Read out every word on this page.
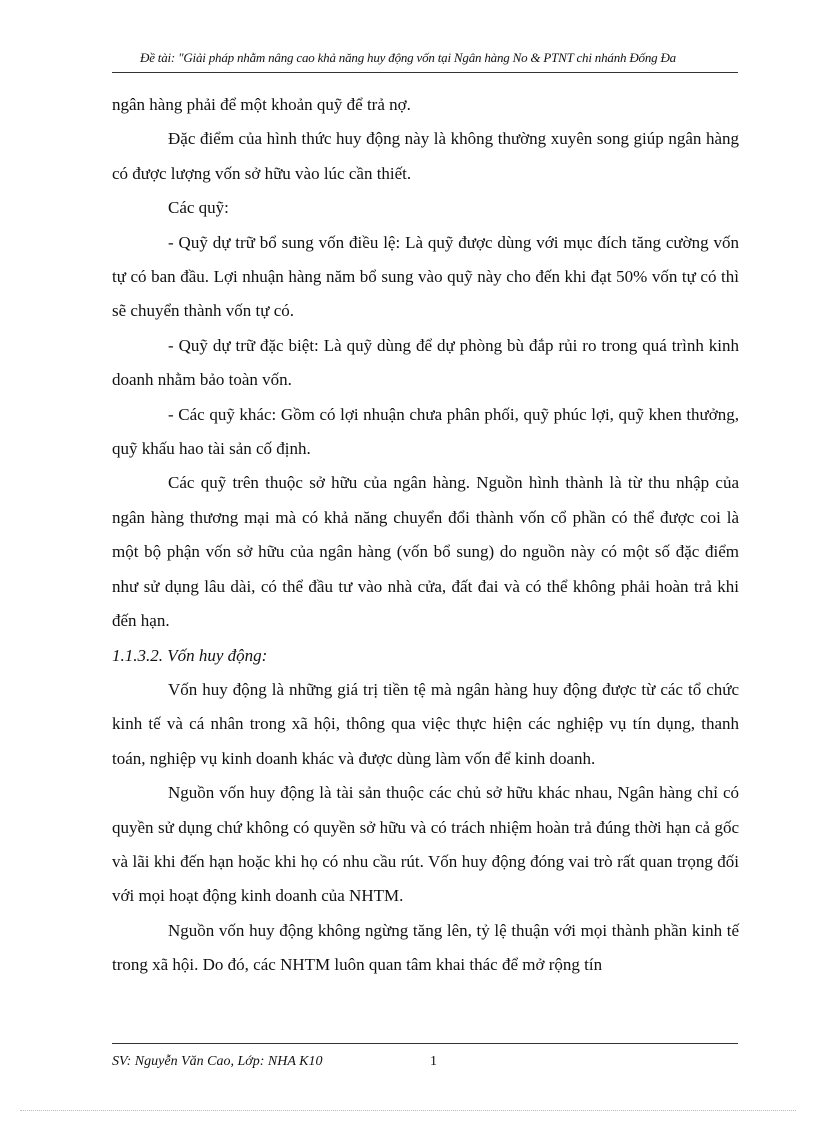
Đề tài: "Giải pháp nhằm nâng cao khả năng huy động vốn tại Ngân hàng No & PTNT chi nhánh Đống Đa

ngân hàng phải để một khoản quỹ để trả nợ.

Đặc điểm của hình thức huy động này là không thường xuyên song giúp ngân hàng có được lượng vốn sở hữu vào lúc cần thiết.

Các quỹ:

- Quỹ dự trữ bổ sung vốn điều lệ: Là quỹ được dùng với mục đích tăng cường vốn tự có ban đầu. Lợi nhuận hàng năm bổ sung vào quỹ này cho đến khi đạt 50% vốn tự có thì sẽ chuyển thành vốn tự có.

- Quỹ dự trữ đặc biệt: Là quỹ dùng để dự phòng bù đắp rủi ro trong quá trình kinh doanh nhằm bảo toàn vốn.

- Các quỹ khác: Gồm có lợi nhuận chưa phân phối, quỹ phúc lợi, quỹ khen thưởng, quỹ khấu hao tài sản cố định.

Các quỹ trên thuộc sở hữu của ngân hàng. Nguồn hình thành là từ thu nhập của ngân hàng thương mại mà có khả năng chuyển đổi thành vốn cổ phần có thể được coi là một bộ phận vốn sở hữu của ngân hàng (vốn bổ sung) do nguồn này có một số đặc điểm như sử dụng lâu dài, có thể đầu tư vào nhà cửa, đất đai và có thể không phải hoàn trả khi đến hạn.

1.1.3.2. Vốn huy động:

Vốn huy động là những giá trị tiền tệ mà ngân hàng huy động được từ các tổ chức kinh tế và cá nhân trong xã hội, thông qua việc thực hiện các nghiệp vụ tín dụng, thanh toán, nghiệp vụ kinh doanh khác và được dùng làm vốn để kinh doanh.

Nguồn vốn huy động là tài sản thuộc các chủ sở hữu khác nhau, Ngân hàng chỉ có quyền sử dụng chứ không có quyền sở hữu và có trách nhiệm hoàn trả đúng thời hạn cả gốc và lãi khi đến hạn hoặc khi họ có nhu cầu rút. Vốn huy động đóng vai trò rất quan trọng đối với mọi hoạt động kinh doanh của NHTM.

Nguồn vốn huy động không ngừng tăng lên, tỷ lệ thuận với mọi thành phần kinh tế trong xã hội. Do đó, các NHTM luôn quan tâm khai thác để mở rộng tín

SV: Nguyễn Văn Cao, Lớp: NHA K10	1
